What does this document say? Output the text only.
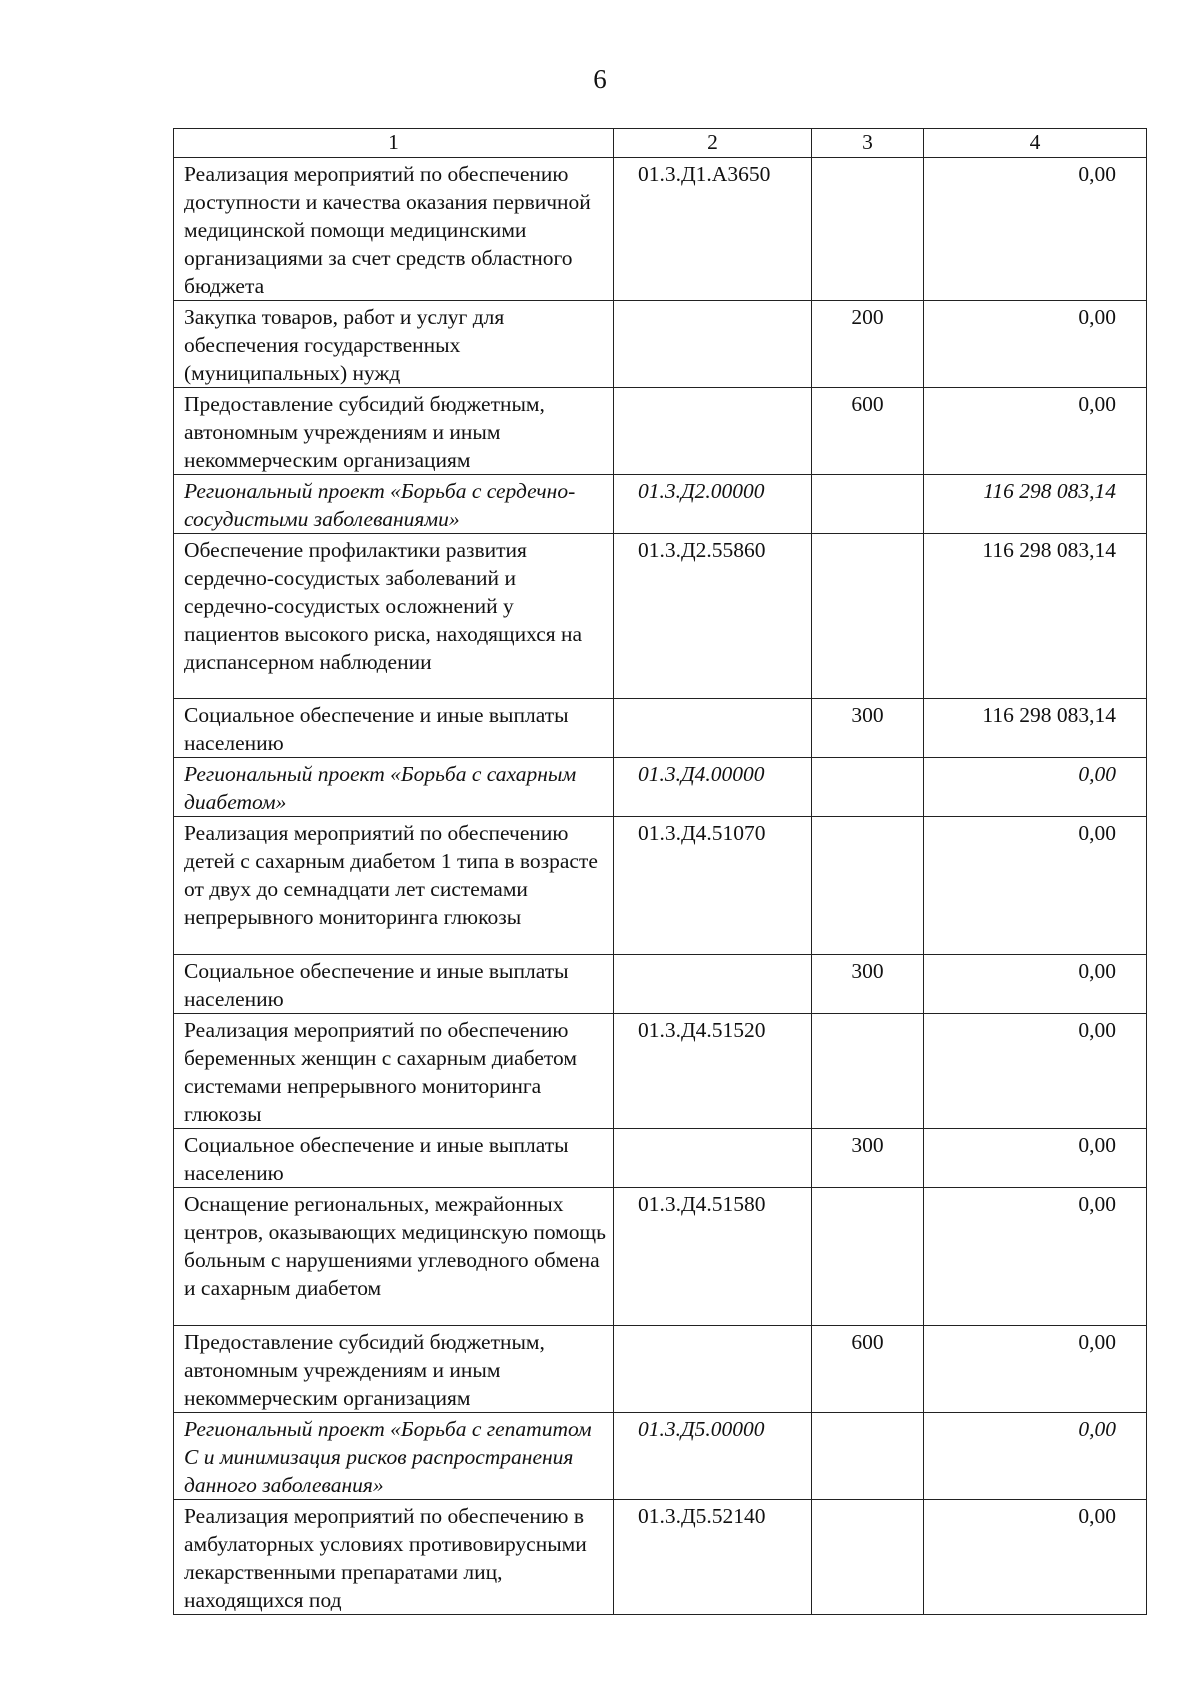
6
1	2	3	4
Реализация мероприятий по обеспечению доступности и качества оказания первичной медицинской помощи медицинскими организациями за счет средств областного бюджета	01.3.Д1.А3650		0,00
Закупка товаров, работ и услуг для обеспечения государственных (муниципальных) нужд		200	0,00
Предоставление субсидий бюджетным, автономным учреждениям и иным некоммерческим организациям		600	0,00
Региональный проект «Борьба с сердечно-сосудистыми заболеваниями»	01.3.Д2.00000		116 298 083,14
Обеспечение профилактики развития сердечно-сосудистых заболеваний и сердечно-сосудистых осложнений у пациентов высокого риска, находящихся на диспансерном наблюдении	01.3.Д2.55860		116 298 083,14
Социальное обеспечение и иные выплаты населению		300	116 298 083,14
Региональный проект «Борьба с сахарным диабетом»	01.3.Д4.00000		0,00
Реализация мероприятий по обеспечению детей с сахарным диабетом 1 типа в возрасте от двух до семнадцати лет системами непрерывного мониторинга глюкозы	01.3.Д4.51070		0,00
Социальное обеспечение и иные выплаты населению		300	0,00
Реализация мероприятий по обеспечению беременных женщин с сахарным диабетом системами непрерывного мониторинга глюкозы	01.3.Д4.51520		0,00
Социальное обеспечение и иные выплаты населению		300	0,00
Оснащение региональных, межрайонных центров, оказывающих медицинскую помощь больным с нарушениями углеводного обмена и сахарным диабетом	01.3.Д4.51580		0,00
Предоставление субсидий бюджетным, автономным учреждениям и иным некоммерческим организациям		600	0,00
Региональный проект «Борьба с гепатитом С и минимизация рисков распространения данного заболевания»	01.3.Д5.00000		0,00
Реализация мероприятий по обеспечению в амбулаторных условиях противовирусными лекарственными препаратами лиц, находящихся под	01.3.Д5.52140		0,00
